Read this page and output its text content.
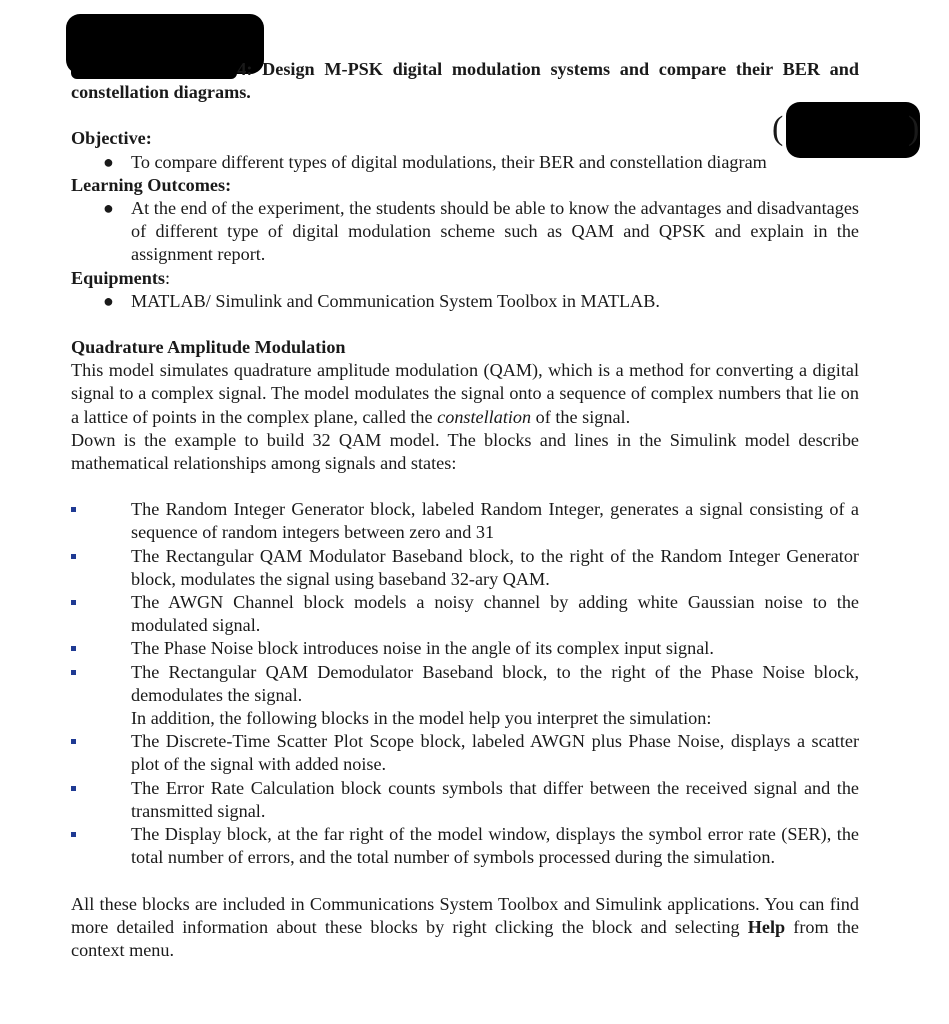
(	)
Assignment Question 4: Design M-PSK digital modulation systems and compare their BER and constellation diagrams.
Objective:
● To compare different types of digital modulations, their BER and constellation diagram
Learning Outcomes:
● At the end of the experiment, the students should be able to know the advantages and disadvantages of different type of digital modulation scheme such as QAM and QPSK and explain in the assignment report.
Equipments:
● MATLAB/ Simulink and Communication System Toolbox in MATLAB.
Quadrature Amplitude Modulation
This model simulates quadrature amplitude modulation (QAM), which is a method for converting a digital signal to a complex signal. The model modulates the signal onto a sequence of complex numbers that lie on a lattice of points in the complex plane, called the constellation of the signal.
Down is the example to build 32 QAM model. The blocks and lines in the Simulink model describe mathematical relationships among signals and states:
The Random Integer Generator block, labeled Random Integer, generates a signal consisting of a sequence of random integers between zero and 31
The Rectangular QAM Modulator Baseband block, to the right of the Random Integer Generator block, modulates the signal using baseband 32-ary QAM.
The AWGN Channel block models a noisy channel by adding white Gaussian noise to the modulated signal.
The Phase Noise block introduces noise in the angle of its complex input signal.
The Rectangular QAM Demodulator Baseband block, to the right of the Phase Noise block, demodulates the signal.
In addition, the following blocks in the model help you interpret the simulation:
The Discrete-Time Scatter Plot Scope block, labeled AWGN plus Phase Noise, displays a scatter plot of the signal with added noise.
The Error Rate Calculation block counts symbols that differ between the received signal and the transmitted signal.
The Display block, at the far right of the model window, displays the symbol error rate (SER), the total number of errors, and the total number of symbols processed during the simulation.
All these blocks are included in Communications System Toolbox and Simulink applications. You can find more detailed information about these blocks by right clicking the block and selecting Help from the context menu.
